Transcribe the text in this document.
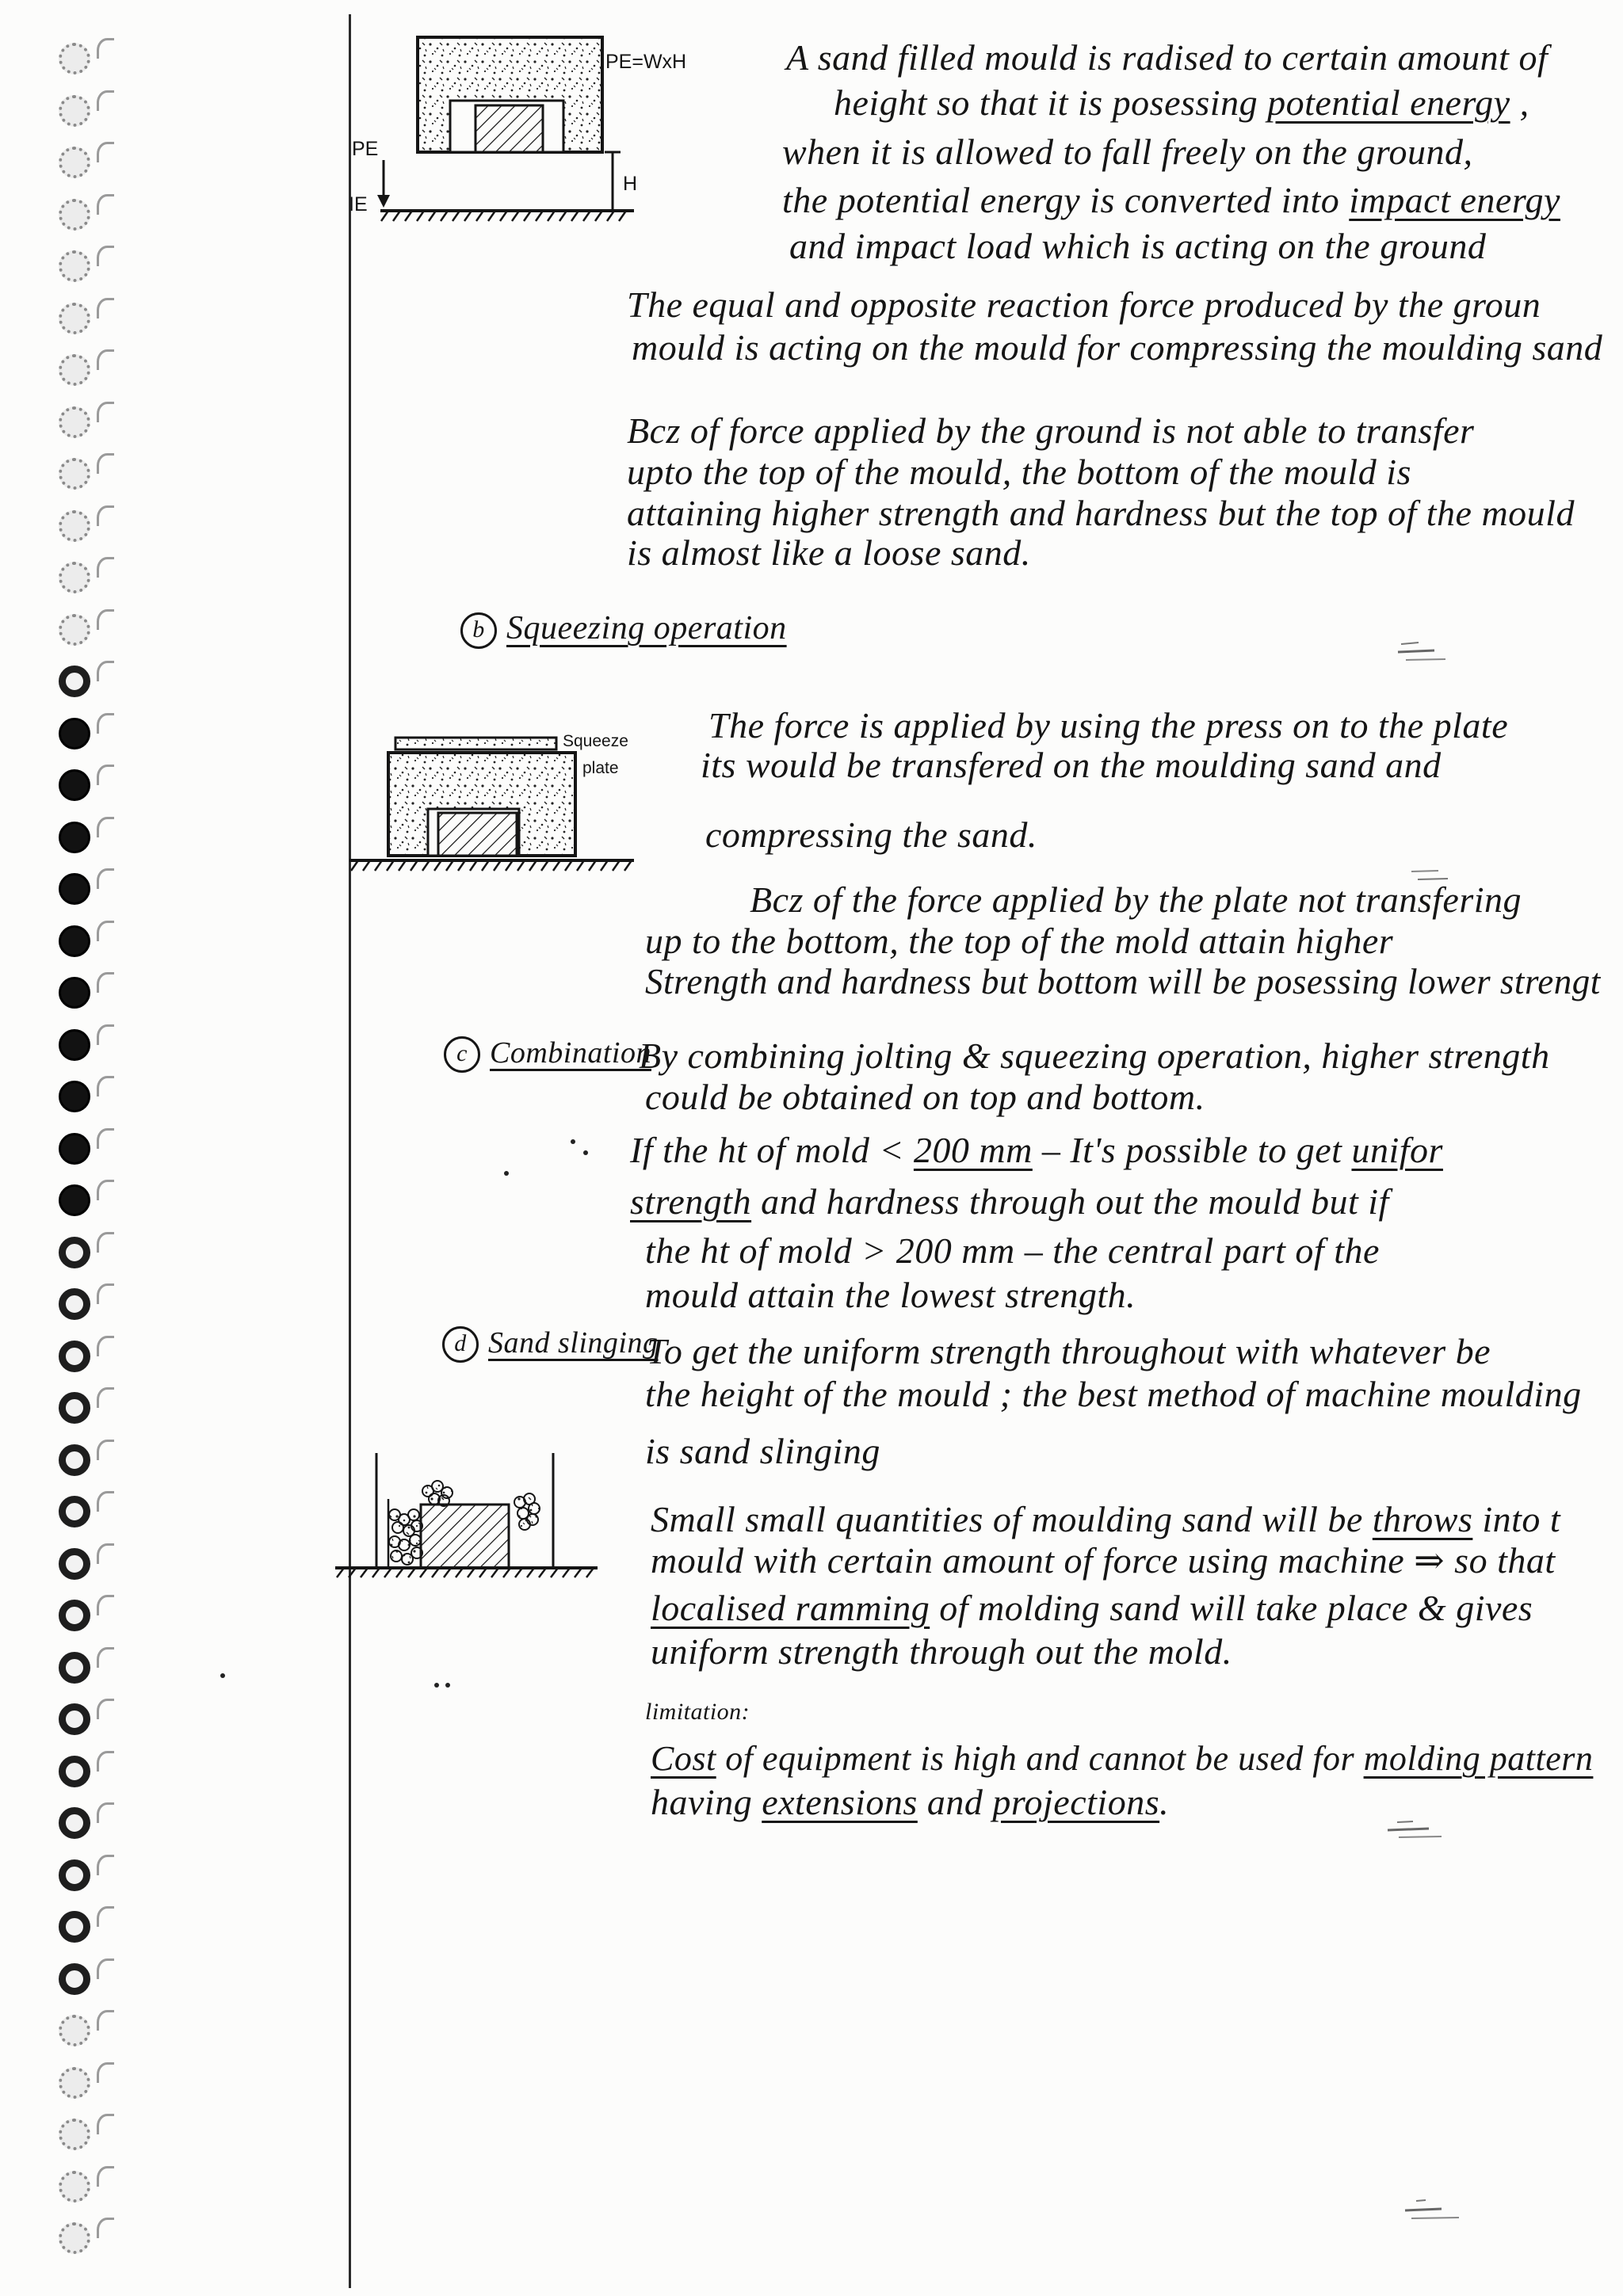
PE=WxH
PE
IE
H
A sand filled mould is radised to certain amount of
height so that it is posessing potential energy ,
when it is allowed to fall freely on the ground,
the potential energy is converted into impact energy
and impact load which is acting on the ground
The equal and opposite reaction force produced by the groun
mould is acting on the mould for compressing the moulding sand
Bcz of force applied by the ground is not able to transfer
upto the top of the mould, the bottom of the mould is
attaining higher strength and hardness but the top of the mould
is almost like a loose sand.
b Squeezing operation
Squeeze
plate
The force is applied by using the press on to the plate
its would be transfered on the moulding sand and
compressing the sand.
Bcz of the force applied by the plate not transfering
up to the bottom, the top of the mold attain higher
Strength and hardness but bottom will be posessing lower strengt
c Combination
By combining jolting & squeezing operation, higher strength
could be obtained on top and bottom.
If the ht of mold < 200 mm – It's possible to get unifor
strength and hardness through out the mould but if
the ht of mold > 200 mm – the central part of the
mould attain the lowest strength.
d Sand slinging
To get the uniform strength throughout with whatever be
the height of the mould ; the best method of machine moulding
is sand slinging
Small small quantities of moulding sand will be throws into t
mould with certain amount of force using machine ⇒ so that
localised ramming of molding sand will take place & gives
uniform strength through out the mold.
limitation:
Cost of equipment is high and cannot be used for molding pattern
having extensions and projections.
